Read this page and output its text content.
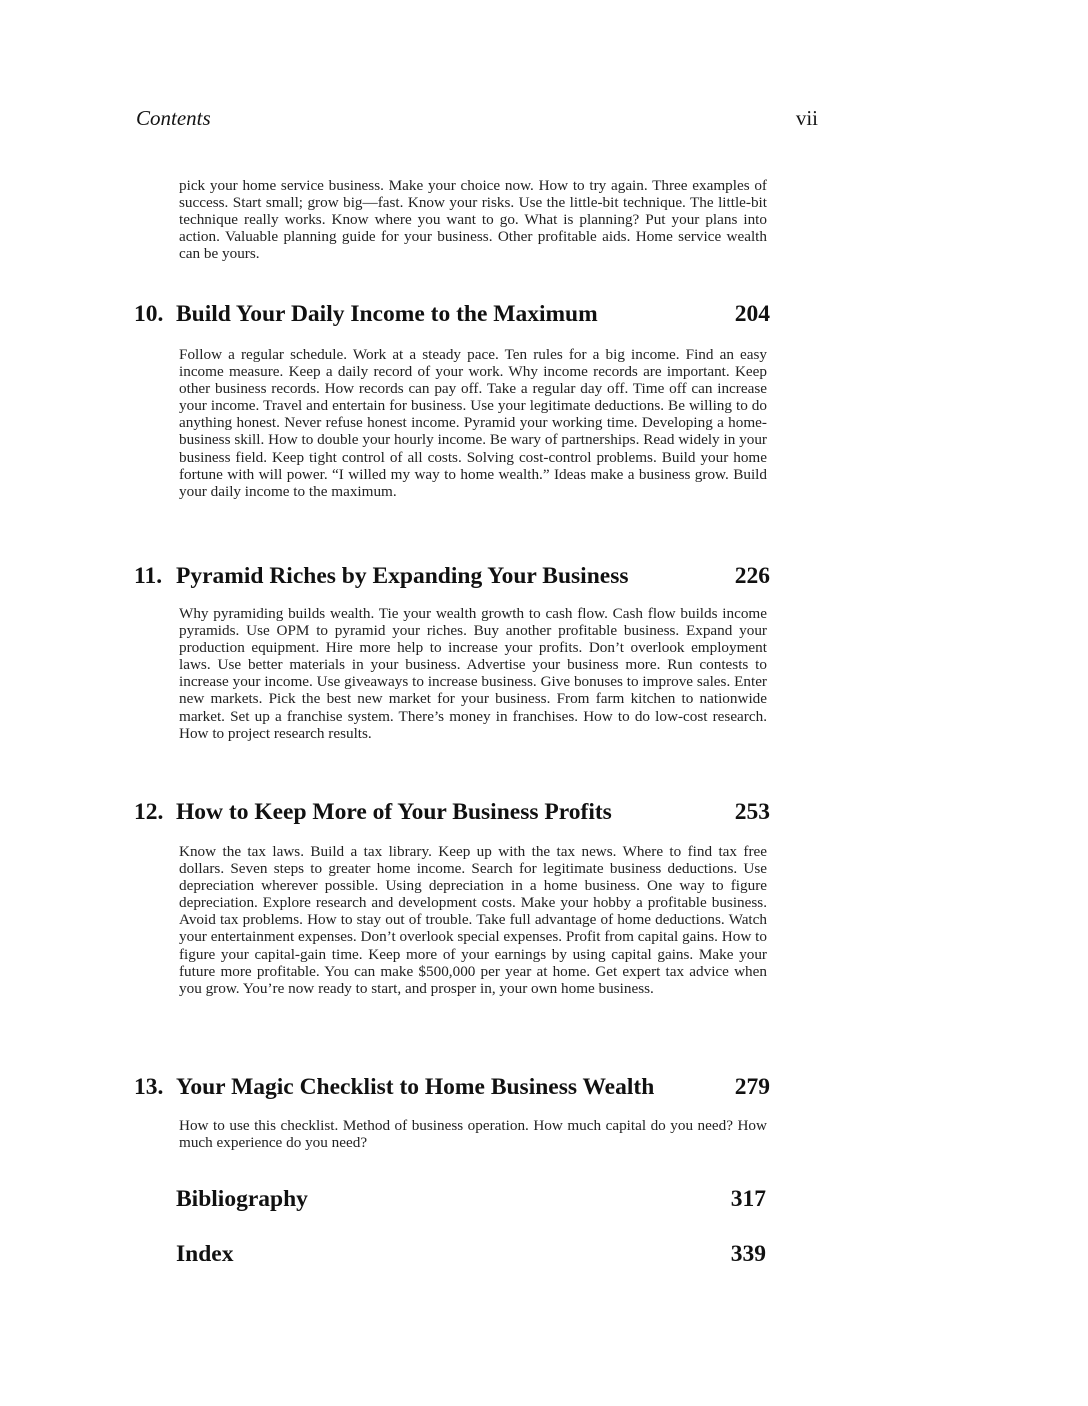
Contents	vii

pick your home service business. Make your choice now. How to try again. Three examples of success. Start small; grow big—fast. Know your risks. Use the little-bit technique. The little-bit technique really works. Know where you want to go. What is planning? Put your plans into action. Valuable planning guide for your business. Other profitable aids. Home service wealth can be yours.

10. Build Your Daily Income to the Maximum	204

Follow a regular schedule. Work at a steady pace. Ten rules for a big income. Find an easy income measure. Keep a daily record of your work. Why income records are important. Keep other business records. How records can pay off. Take a regular day off. Time off can increase your income. Travel and entertain for business. Use your legitimate deductions. Be willing to do anything honest. Never refuse honest income. Pyramid your working time. Developing a home-business skill. How to double your hourly income. Be wary of partnerships. Read widely in your business field. Keep tight control of all costs. Solving cost-control problems. Build your home fortune with will power. “I willed my way to home wealth.” Ideas make a business grow. Build your daily income to the maximum.

11. Pyramid Riches by Expanding Your Business	226

Why pyramiding builds wealth. Tie your wealth growth to cash flow. Cash flow builds income pyramids. Use OPM to pyramid your riches. Buy another profitable business. Expand your production equipment. Hire more help to increase your profits. Don’t overlook employment laws. Use better materials in your business. Advertise your business more. Run contests to increase your income. Use giveaways to increase business. Give bonuses to improve sales. Enter new markets. Pick the best new market for your business. From farm kitchen to nationwide market. Set up a franchise system. There’s money in franchises. How to do low-cost research. How to project research results.

12. How to Keep More of Your Business Profits	253

Know the tax laws. Build a tax library. Keep up with the tax news. Where to find tax free dollars. Seven steps to greater home income. Search for legitimate business deductions. Use depreciation wherever possible. Using depreciation in a home business. One way to figure depreciation. Explore research and development costs. Make your hobby a profitable business. Avoid tax problems. How to stay out of trouble. Take full advantage of home deductions. Watch your entertainment expenses. Don’t overlook special expenses. Profit from capital gains. How to figure your capital-gain time. Keep more of your earnings by using capital gains. Make your future more profitable. You can make $500,000 per year at home. Get expert tax advice when you grow. You’re now ready to start, and prosper in, your own home business.

13. Your Magic Checklist to Home Business Wealth	279

How to use this checklist. Method of business operation. How much capital do you need? How much experience do you need?

Bibliography	317
Index	339
